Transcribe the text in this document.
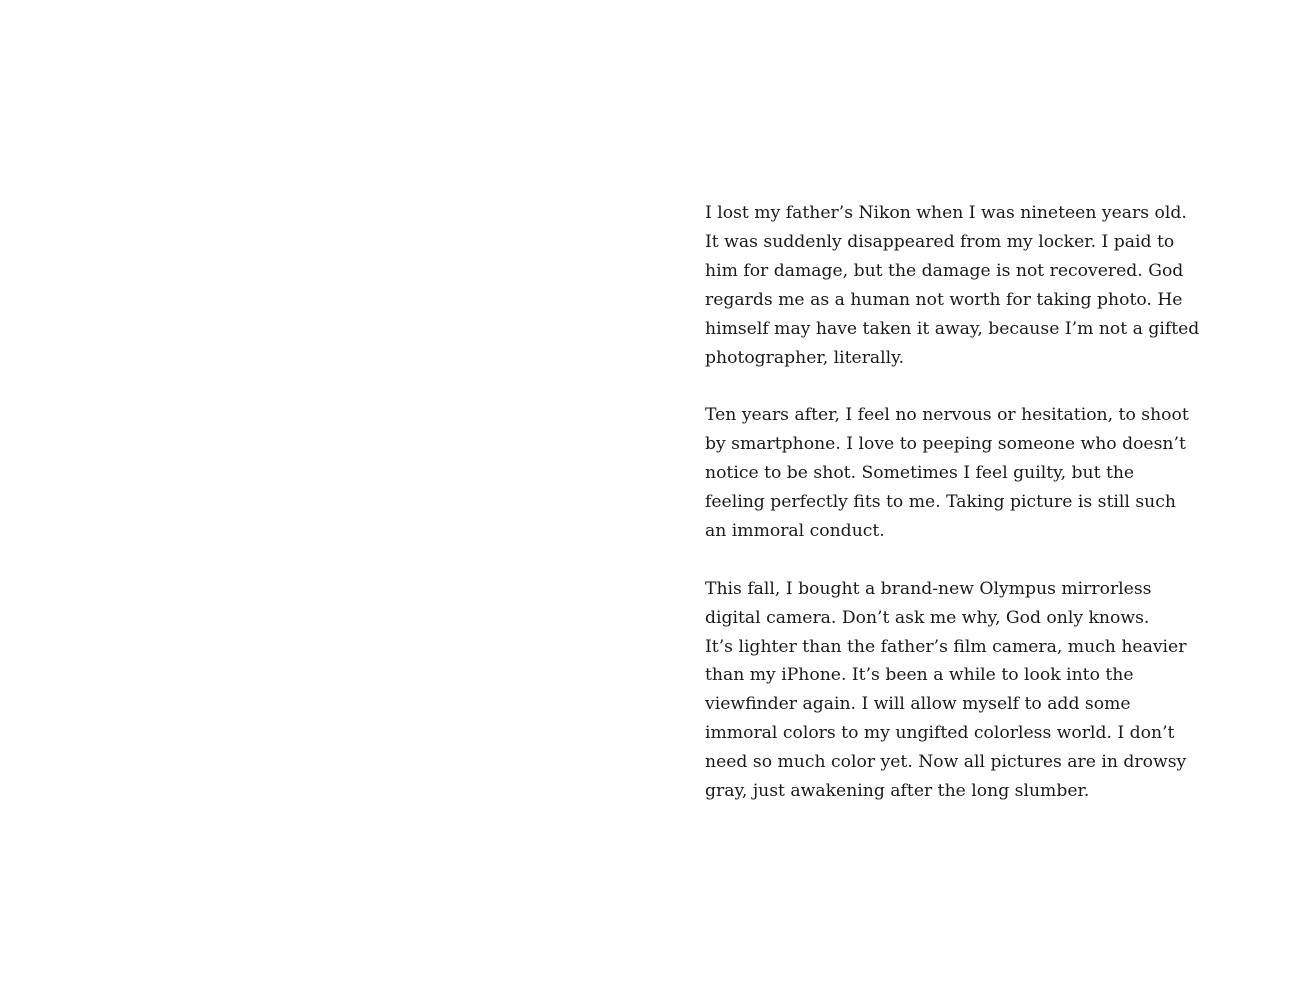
I lost my father’s Nikon when I was nineteen years old.
It was suddenly disappeared from my locker. I paid to
him for damage, but the damage is not recovered. God
regards me as a human not worth for taking photo. He
himself may have taken it away, because I’m not a gifted
photographer, literally.

Ten years after, I feel no nervous or hesitation, to shoot
by smartphone. I love to peeping someone who doesn’t
notice to be shot. Sometimes I feel guilty, but the
feeling perfectly fits to me. Taking picture is still such
an immoral conduct.

This fall, I bought a brand-new Olympus mirrorless
digital camera. Don’t ask me why, God only knows.
It’s lighter than the father’s film camera, much heavier
than my iPhone. It’s been a while to look into the
viewfinder again. I will allow myself to add some
immoral colors to my ungifted colorless world. I don’t
need so much color yet. Now all pictures are in drowsy
gray, just awakening after the long slumber.
